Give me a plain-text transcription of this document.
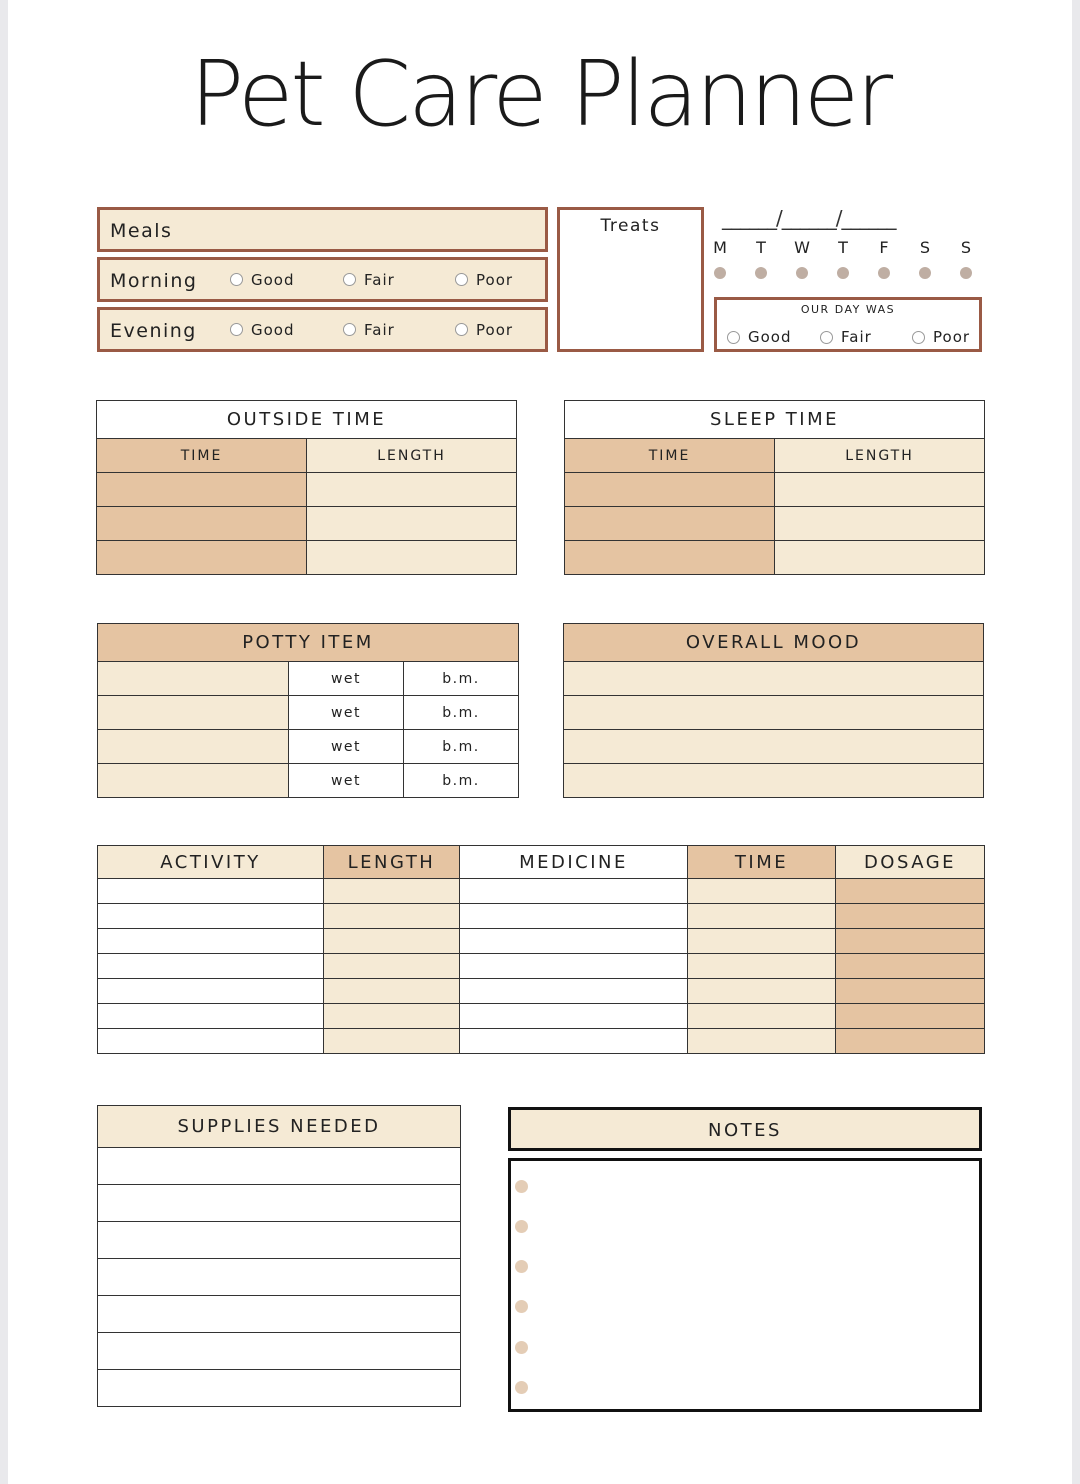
Pet Care Planner
Meals
Morning	Good	Fair	Poor
Evening	Good	Fair	Poor
Treats	______/______/______
M	T	W	T	F	S	S
OUR DAY WAS
Good	Fair	Poor
OUTSIDE TIME	
TIME	LENGTH

SLEEP TIME	
TIME	LENGTH

POTTY ITEM		
	wet	b.m.
	wet	b.m.
	wet	b.m.
	wet	b.m.
OVERALL MOOD

ACTIVITY	LENGTH	MEDICINE	TIME	DOSAGE

SUPPLIES NEEDED	NOTES
